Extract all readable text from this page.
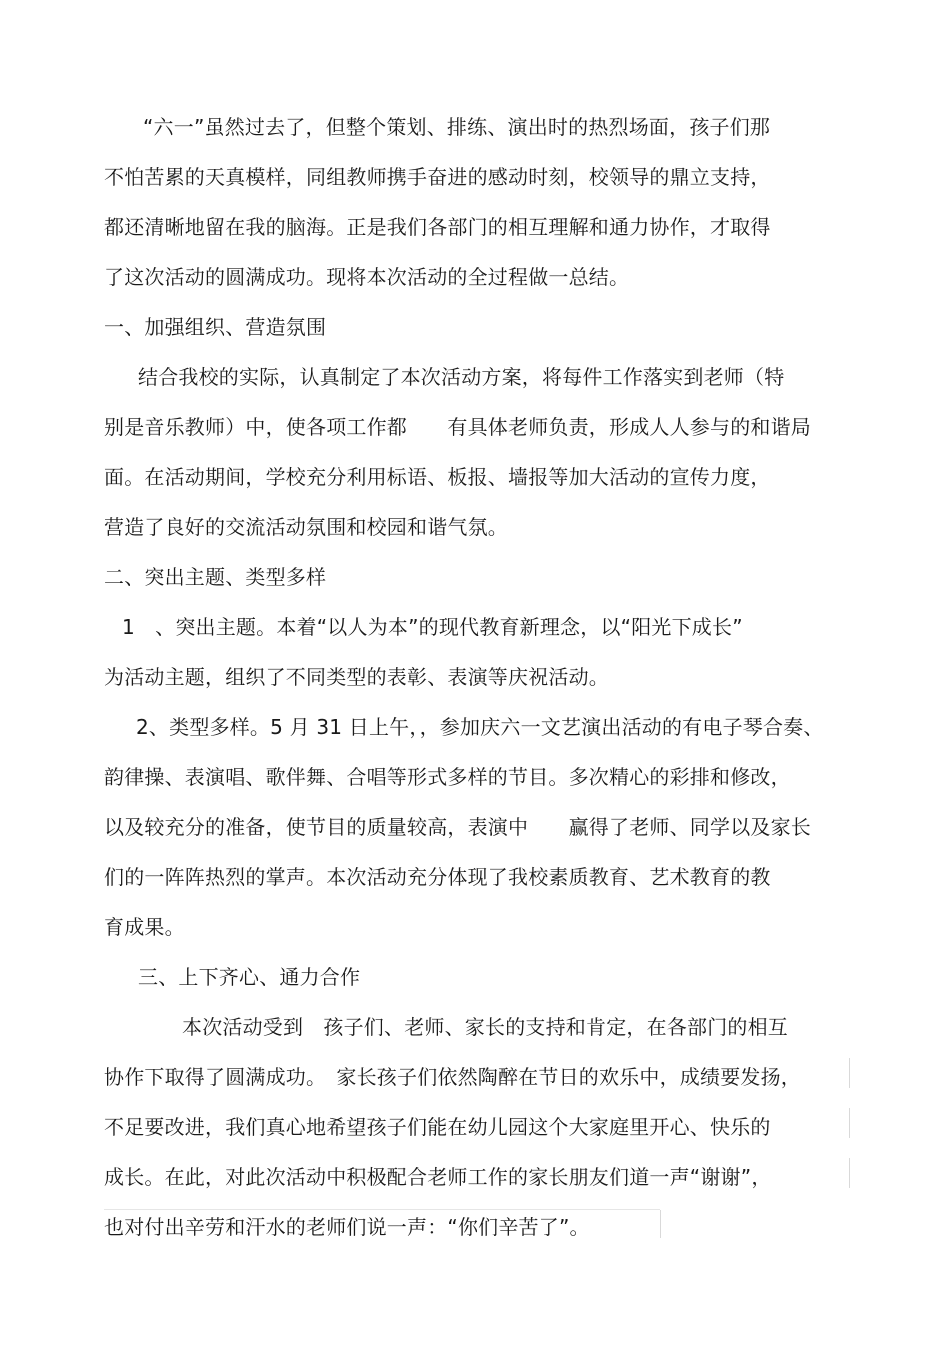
“六一”虽然过去了，但整个策划、排练、演出时的热烈场面，孩子们那

不怕苦累的天真模样，同组教师携手奋进的感动时刻，校领导的鼎立支持，

都还清晰地留在我的脑海。正是我们各部门的相互理解和通力协作，才取得

了这次活动的圆满成功。现将本次活动的全过程做一总结。

一、加强组织、营造氛围

结合我校的实际，认真制定了本次活动方案，将每件工作落实到老师（特

别是音乐教师）中，使各项工作都　　有具体老师负责，形成人人参与的和谐局

面。在活动期间，学校充分利用标语、板报、墙报等加大活动的宣传力度，

营造了良好的交流活动氛围和校园和谐气氛。

二、突出主题、类型多样

1　、突出主题。本着“以人为本”的现代教育新理念，以“阳光下成长”

为活动主题，组织了不同类型的表彰、表演等庆祝活动。

2、类型多样。5 月 31 日上午，，参加庆六一文艺演出活动的有电子琴合奏、

韵律操、表演唱、歌伴舞、合唱等形式多样的节目。多次精心的彩排和修改，

以及较充分的准备，使节目的质量较高，表演中　　赢得了老师、同学以及家长

们的一阵阵热烈的掌声。本次活动充分体现了我校素质教育、艺术教育的教

育成果。

三、上下齐心、通力合作

本次活动受到　孩子们、老师、家长的支持和肯定，在各部门的相互

协作下取得了圆满成功。　家长孩子们依然陶醉在节日的欢乐中，成绩要发扬，

不足要改进，我们真心地希望孩子们能在幼儿园这个大家庭里开心、快乐的

成长。在此，对此次活动中积极配合老师工作的家长朋友们道一声“谢谢”，

也对付出辛劳和汗水的老师们说一声：“你们辛苦了”。
